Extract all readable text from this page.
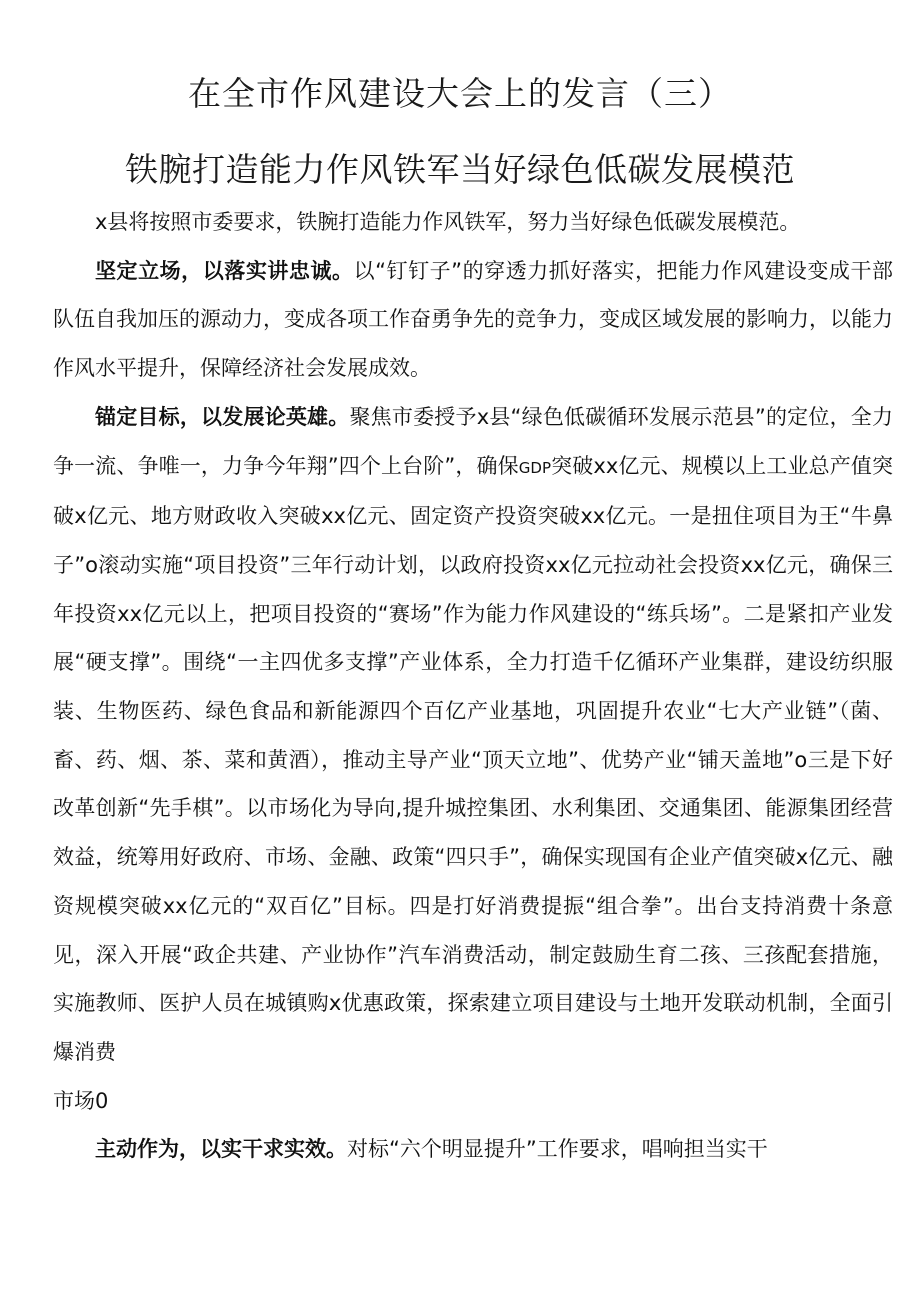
在全市作风建设大会上的发言（三）
铁腕打造能力作风铁军当好绿色低碳发展模范

x县将按照市委要求，铁腕打造能力作风铁军，努力当好绿色低碳发展模范。

坚定立场，以落实讲忠诚。以“钉钉子”的穿透力抓好落实，把能力作风建设变成干部队伍自我加压的源动力，变成各项工作奋勇争先的竞争力，变成区域发展的影响力，以能力作风水平提升，保障经济社会发展成效。

锚定目标，以发展论英雄。聚焦市委授予x县“绿色低碳循环发展示范县”的定位，全力争一流、争唯一，力争今年翔”四个上台阶”，确保GDP突破xx亿元、规模以上工业总产值突破x亿元、地方财政收入突破xx亿元、固定资产投资突破xx亿元。一是扭住项目为王“牛鼻子”o滚动实施“项目投资”三年行动计划，以政府投资xx亿元拉动社会投资xx亿元，确保三年投资xx亿元以上，把项目投资的“赛场”作为能力作风建设的“练兵场”。二是紧扣产业发展“硬支撑”。围绕“一主四优多支撑”产业体系，全力打造千亿循环产业集群，建设纺织服装、生物医药、绿色食品和新能源四个百亿产业基地，巩固提升农业“七大产业链”（菌、畜、药、烟、茶、菜和黄酒），推动主导产业“顶天立地”、优势产业“铺天盖地”o三是下好改革创新“先手棋”。以市场化为导向,提升城控集团、水利集团、交通集团、能源集团经营效益，统筹用好政府、市场、金融、政策“四只手”，确保实现国有企业产值突破x亿元、融资规模突破xx亿元的“双百亿”目标。四是打好消费提振“组合拳”。出台支持消费十条意见，深入开展“政企共建、产业协作”汽车消费活动，制定鼓励生育二孩、三孩配套措施，实施教师、医护人员在城镇购x优惠政策，探索建立项目建设与土地开发联动机制，全面引爆消费

市场0

主动作为，以实干求实效。对标“六个明显提升”工作要求，唱响担当实干
